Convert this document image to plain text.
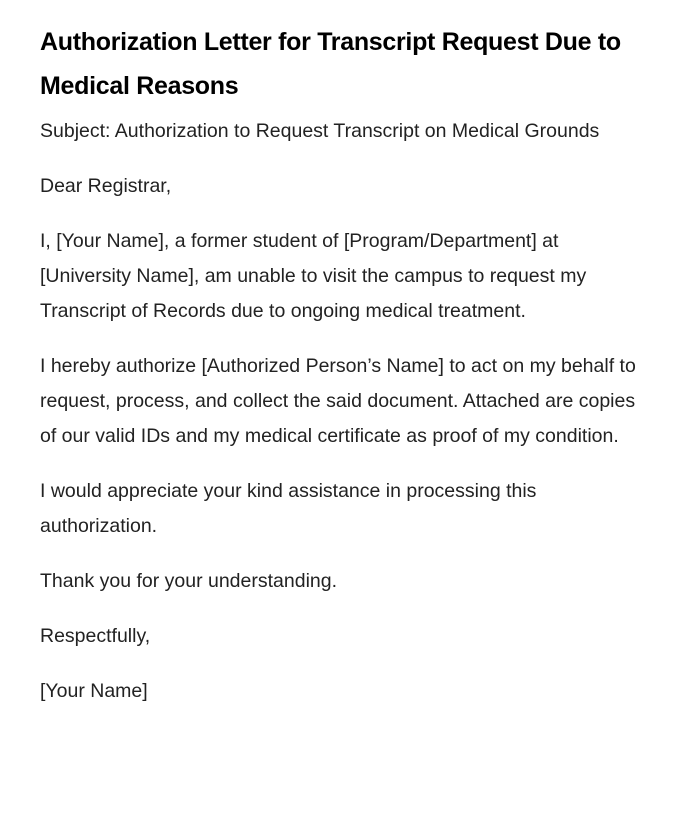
Authorization Letter for Transcript Request Due to Medical Reasons

Subject: Authorization to Request Transcript on Medical Grounds

Dear Registrar,

I, [Your Name], a former student of [Program/Department] at [University Name], am unable to visit the campus to request my Transcript of Records due to ongoing medical treatment.

I hereby authorize [Authorized Person’s Name] to act on my behalf to request, process, and collect the said document. Attached are copies of our valid IDs and my medical certificate as proof of my condition.

I would appreciate your kind assistance in processing this authorization.

Thank you for your understanding.

Respectfully,

[Your Name]
